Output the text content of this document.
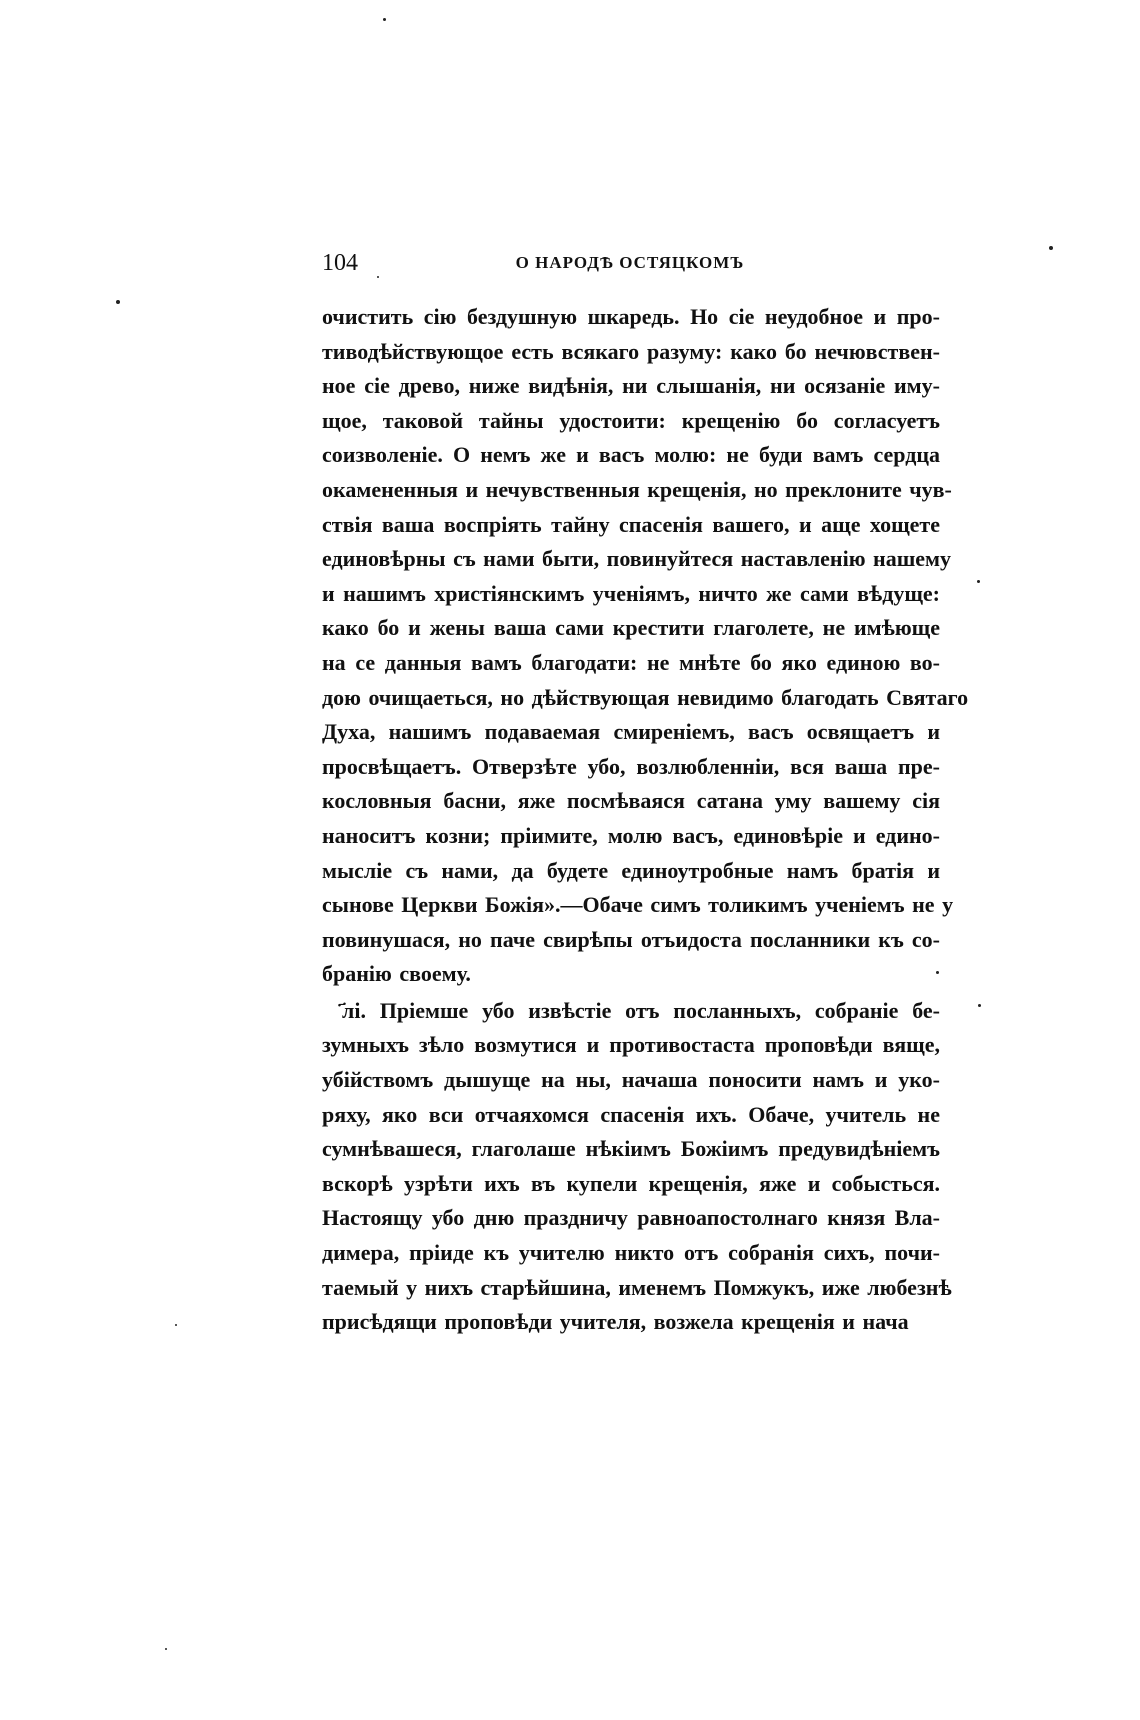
104	О НАРОДѢ ОСТЯЦКОМЪ
очистить сію бездушную шкаредь. Но сіе неудобное и про-
тиводѣйствующое есть всякаго разуму: како бо нечювствен-
ное сіе древо, ниже видѣнія, ни слышанія, ни осязаніе иму-
щое, таковой тайны удостоити: крещенію бо согласуетъ
соизволеніе. О немъ же и васъ молю: не буди вамъ сердца
окамененныя и нечувственныя крещенія, но преклоните чув-
ствія ваша воспріять тайну спасенія вашего, и аще хощете
единовѣрны съ нами быти, повинуйтеся наставленію нашему
и нашимъ христіянскимъ ученіямъ, ничто же сами вѣдуще:
како бо и жены ваша сами крестити глаголете, не имѣюще
на се данныя вамъ благодати: не мнѣте бо яко единою во-
дою очищаеться, но дѣйствующая невидимо благодать Святаго
Духа, нашимъ подаваемая смиреніемъ, васъ освящаетъ и
просвѣщаетъ. Отверзѣте убо, возлюбленніи, вся ваша пре-
кословныя басни, яже посмѣваяся сатана уму вашему сія
наноситъ козни; пріимите, молю васъ, единовѣріе и едино-
мысліе съ нами, да будете единоутробные намъ братія и
сынове Церкви Божія».—Обаче симъ толикимъ ученіемъ не у
повинушася, но паче свирѣпы отъидоста посланники къ со-
бранію своему.
҃лі. Пріемше убо извѣстіе отъ посланныхъ, собраніе бе-
зумныхъ зѣло возмутися и противостаста проповѣди вяще,
убійствомъ дышуще на ны, начаша поносити намъ и уко-
ряху, яко вси отчаяхомся спасенія ихъ. Обаче, учитель не
сумнѣвашеся, глаголаше нѣкіимъ Божіимъ предувидѣніемъ
вскорѣ узрѣти ихъ въ купели крещенія, яже и собысться.
Настоящу убо дню праздничу равноапостолнаго князя Вла-
димера, пріиде къ учителю никто отъ собранія сихъ, почи-
таемый у нихъ старѣйшина, именемъ Помжукъ, иже любезнѣ
присѣдящи проповѣди учителя, возжела крещенія и нача
